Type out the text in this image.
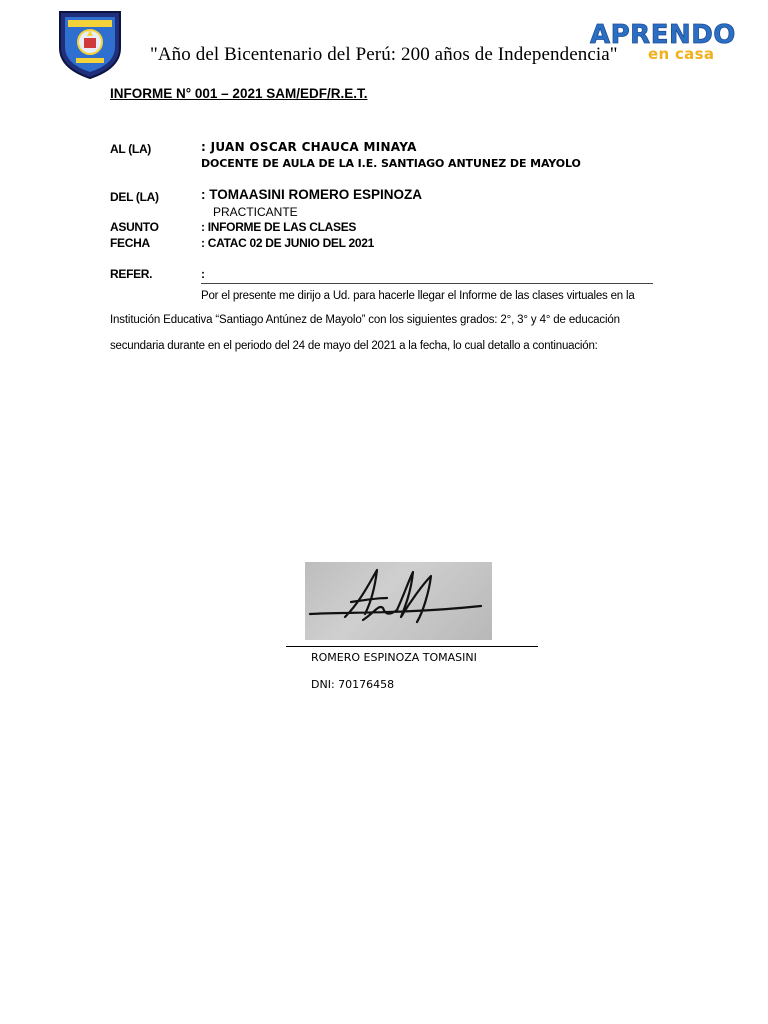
"Año del Bicentenario del Perú: 200 años de Independencia"
APRENDO
en casa
INFORME N° 001 – 2021 SAM/EDF/R.E.T.
AL (LA)	: JUAN OSCAR CHAUCA MINAYA
DOCENTE DE AULA DE LA I.E. SANTIAGO ANTUNEZ DE MAYOLO
DEL (LA)	: TOMAASINI ROMERO ESPINOZA
PRACTICANTE
ASUNTO	: INFORME DE LAS CLASES
FECHA	: CATAC 02 DE JUNIO DEL 2021
REFER.	:
Por el presente me dirijo a Ud. para hacerle llegar el Informe de las clases virtuales en la
Institución Educativa “Santiago Antúnez de Mayolo” con los siguientes grados: 2°, 3° y 4° de educación
secundaria durante en el periodo del 24 de mayo del 2021 a la fecha, lo cual detallo a continuación:
ROMERO ESPINOZA TOMASINI
DNI: 70176458
